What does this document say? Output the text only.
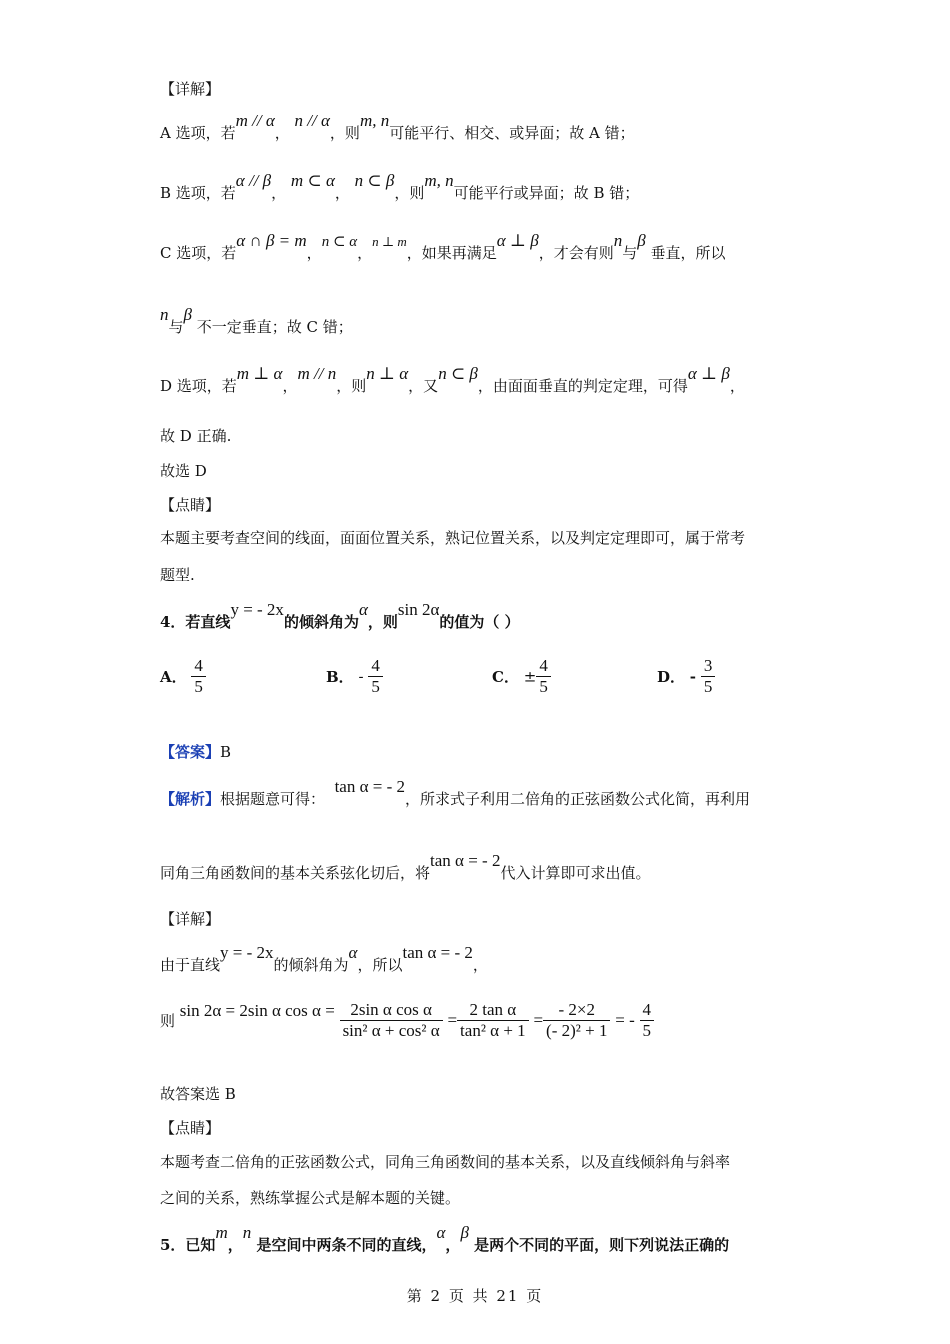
【详解】
A 选项，若m // α， n // α，则m, n可能平行、相交、或异面；故 A 错；
B 选项，若α // β， m ⊂ α， n ⊂ β，则m, n可能平行或异面；故 B 错；
C 选项，若α ∩ β = m，n ⊂ α，n ⊥ m，如果再满足α ⊥ β，才会有则n与β 垂直，所以
n与β 不一定垂直；故 C 错；
D 选项，若m ⊥ α，m // n，则n ⊥ α，又n ⊂ β，由面面垂直的判定定理，可得α ⊥ β，
故 D 正确.
故选 D
【点睛】
本题主要考查空间的线面，面面位置关系，熟记位置关系，以及判定定理即可，属于常考
题型.
4．若直线y = - 2x的倾斜角为α，则sin 2α的值为（ ）
A． $\frac{4}{5}$	B． - $\frac{4}{5}$	C． ± $\frac{4}{5}$	D． - $\frac{3}{5}$
【答案】B
【解析】根据题意可得：  tan α = - 2，所求式子利用二倍角的正弦函数公式化简，再利用
同角三角函数间的基本关系弦化切后，将tan α = - 2代入计算即可求出值。
【详解】
由于直线y = - 2x的倾斜角为α，所以tan α = - 2，
则 sin 2α = 2sin α $\cos \alpha = \frac{\text{2sin α cos α}}{\text{sin² α + cos² α}} = \frac{\text{2 tan α}}{\text{tan² α + 1}} = \frac{- 2\times 2}{\text{(- 2)² + 1}}$ = - $\frac{4}{5}$
故答案选 B
【点睛】
本题考查二倍角的正弦函数公式，同角三角函数间的基本关系，以及直线倾斜角与斜率
之间的关系，熟练掌握公式是解本题的关键。
5．已知m，n 是空间中两条不同的直线，α，β 是两个不同的平面，则下列说法正确的
第 2 页 共 21 页
